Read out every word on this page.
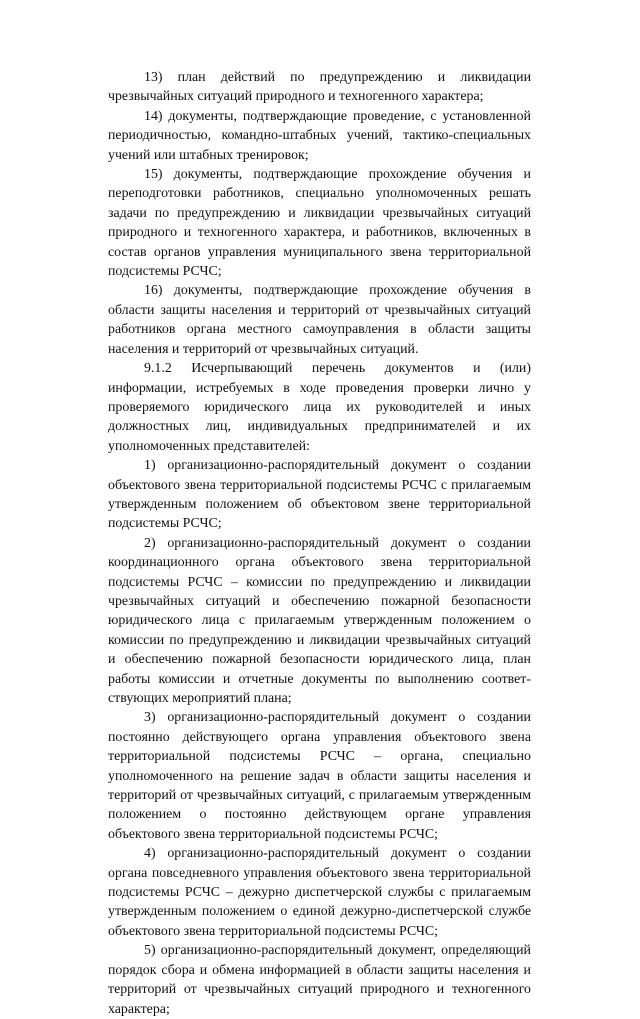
13) план действий по предупреждению и ликвидации чрезвычайных ситуаций природного и техногенного характера;

14) документы, подтверждающие проведение, с установленной периодичностью, командно-штабных учений, тактико-специальных учений или штабных тренировок;

15) документы, подтверждающие прохождение обучения и переподготовки работников, специально уполномоченных решать задачи по предупреждению и ликвидации чрезвычайных ситуаций природного и техногенного характера, и работников, включенных в состав органов управления муниципального звена территориальной подсистемы РСЧС;

16) документы, подтверждающие прохождение обучения в области защиты населения и территорий от чрезвычайных ситуаций работников органа местного самоуправления в области защиты населения и территорий от чрезвычайных ситуаций.

9.1.2 Исчерпывающий перечень документов и (или) информации, истребуемых в ходе проведения проверки лично у проверяемого юридического лица их руководителей и иных должностных лиц, индивидуальных предпринимателей и их уполномоченных представителей:

1) организационно-распорядительный документ о создании объектового звена территориальной подсистемы РСЧС с прилагаемым утвержденным положением об объектовом звене территориальной подсистемы РСЧС;

2) организационно-распорядительный документ о создании координационного органа объектового звена территориальной подсистемы РСЧС – комиссии по предупреждению и ликвидации чрезвычайных ситуаций и обеспечению пожарной безопасности юридического лица с прилагаемым утвержденным положением о комиссии по предупреждению и ликвидации чрезвычайных ситуаций и обеспечению пожарной безопасности юридического лица, план работы комиссии и отчетные документы по выполнению соответствующих мероприятий плана;

3) организационно-распорядительный документ о создании постоянно действующего органа управления объектового звена территориальной подсистемы РСЧС – органа, специально уполномоченного на решение задач в области защиты населения и территорий от чрезвычайных ситуаций, с прилагаемым утвержденным положением о постоянно действующем органе управления объектового звена территориальной подсистемы РСЧС;

4) организационно-распорядительный документ о создании органа повседневного управления объектового звена территориальной подсистемы РСЧС – дежурно диспетчерской службы с прилагаемым утвержденным положением о единой дежурно-диспетчерской службе объектового звена территориальной подсистемы РСЧС;

5) организационно-распорядительный документ, определяющий порядок сбора и обмена информацией в области защиты населения и территорий от чрезвычайных ситуаций природного и техногенного характера;
